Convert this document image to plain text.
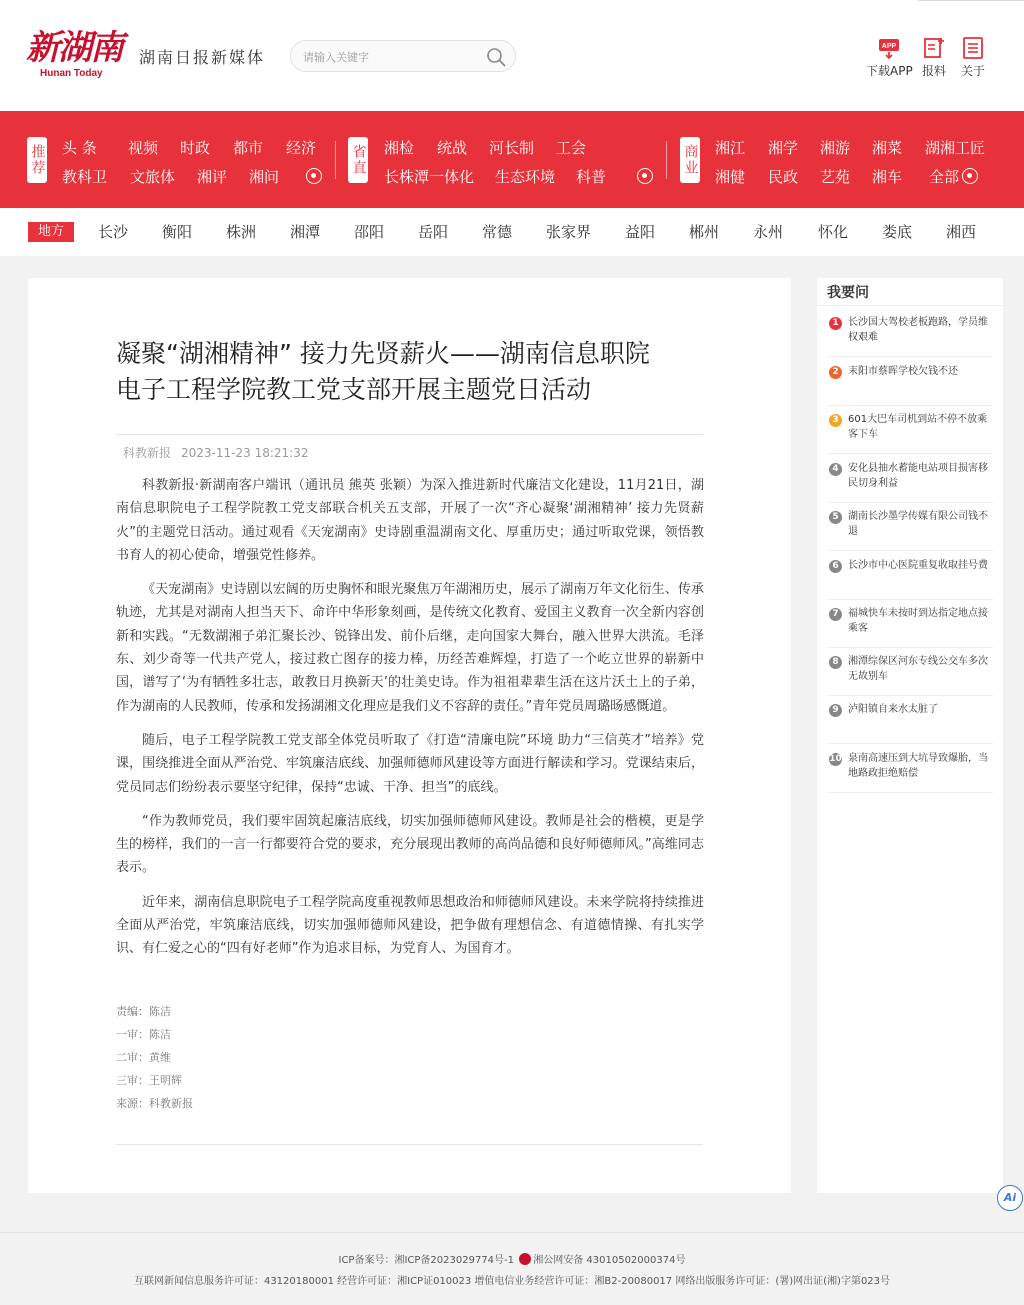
新湖南
Hunan Today
湖南日报新媒体
请输入关键字
APP
下载APP 报料 关于
推荐 头 条 视频 时政 都市 经济
教科卫 文旅体 湘评 湘问
省直 湘检 统战 河长制 工会
长株潭一体化 生态环境 科普
商业 湘江 湘学 湘游 湘菜 湖湘工匠
湘健 民政 艺苑 湘车 全部
地方	长沙 衡阳 株洲 湘潭 邵阳 岳阳 常德 张家界 益阳 郴州 永州 怀化 娄底 湘西
凝聚“湖湘精神” 接力先贤薪火——湖南信息职院
电子工程学院教工党支部开展主题党日活动
科教新报 2023-11-23 18:21:32

科教新报·新湖南客户端讯（通讯员 熊英 张颖）为深入推进新时代廉洁文化建设，11月21日，湖南信息职院电子工程学院教工党支部联合机关五支部，开展了一次“齐心凝聚‘湖湘精神’ 接力先贤薪火”的主题党日活动。通过观看《天宠湖南》史诗剧重温湖南文化、厚重历史；通过听取党课，领悟教书育人的初心使命，增强党性修养。

《天宠湖南》史诗剧以宏阔的历史胸怀和眼光聚焦万年湖湘历史，展示了湖南万年文化衍生、传承轨迹，尤其是对湖南人担当天下、命许中华形象刻画，是传统文化教育、爱国主义教育一次全新内容创新和实践。“无数湖湘子弟汇聚长沙、锐锋出发、前仆后继，走向国家大舞台，融入世界大洪流。毛泽东、刘少奇等一代共产党人，接过救亡图存的接力棒，历经苦难辉煌，打造了一个屹立世界的崭新中国，谱写了‘为有牺牲多壮志，敢教日月换新天’的壮美史诗。作为祖祖辈辈生活在这片沃土上的子弟，作为湖南的人民教师，传承和发扬湖湘文化理应是我们义不容辞的责任。”青年党员周璐旸感慨道。

随后，电子工程学院教工党支部全体党员听取了《打造“清廉电院”环境 助力“三信英才”培养》党课，围绕推进全面从严治党、牢筑廉洁底线、加强师德师风建设等方面进行解读和学习。党课结束后，党员同志们纷纷表示要坚守纪律，保持“忠诚、干净、担当”的底线。

“作为教师党员，我们要牢固筑起廉洁底线，切实加强师德师风建设。教师是社会的楷模，更是学生的榜样，我们的一言一行都要符合党的要求，充分展现出教师的高尚品德和良好师德师风。”高维同志表示。

近年来，湖南信息职院电子工程学院高度重视教师思想政治和师德师风建设。未来学院将持续推进全面从严治党，牢筑廉洁底线，切实加强师德师风建设，把争做有理想信念、有道德情操、有扎实学识、有仁爱之心的“四有好老师”作为追求目标，为党育人、为国育才。

责编：陈洁
一审：陈洁
二审：黄维
三审：王明辉
来源：科教新报
我要问
1 长沙国大驾校老板跑路，学员维权艰难
2 耒阳市蔡晖学校欠钱不还
3 601大巴车司机到站不停不放乘客下车
4 安化县抽水蓄能电站项目损害移民切身利益
5 湖南长沙墨学传媒有限公司钱不退
6 长沙市中心医院重复收取挂号费
7 福城快车未按时到达指定地点接乘客
8 湘潭综保区河东专线公交车多次无故别车
9 泸阳镇自来水太脏了
10 泉南高速压到大坑导致爆胎，当地路政拒绝赔偿
Ai
ICP备案号：湘ICP备2023029774号-1 湘公网安备 43010502000374号
互联网新闻信息服务许可证：43120180001 经营许可证：湘ICP证010023 增值电信业务经营许可证：湘B2-20080017 网络出版服务许可证：(署)网出证(湘)字第023号
